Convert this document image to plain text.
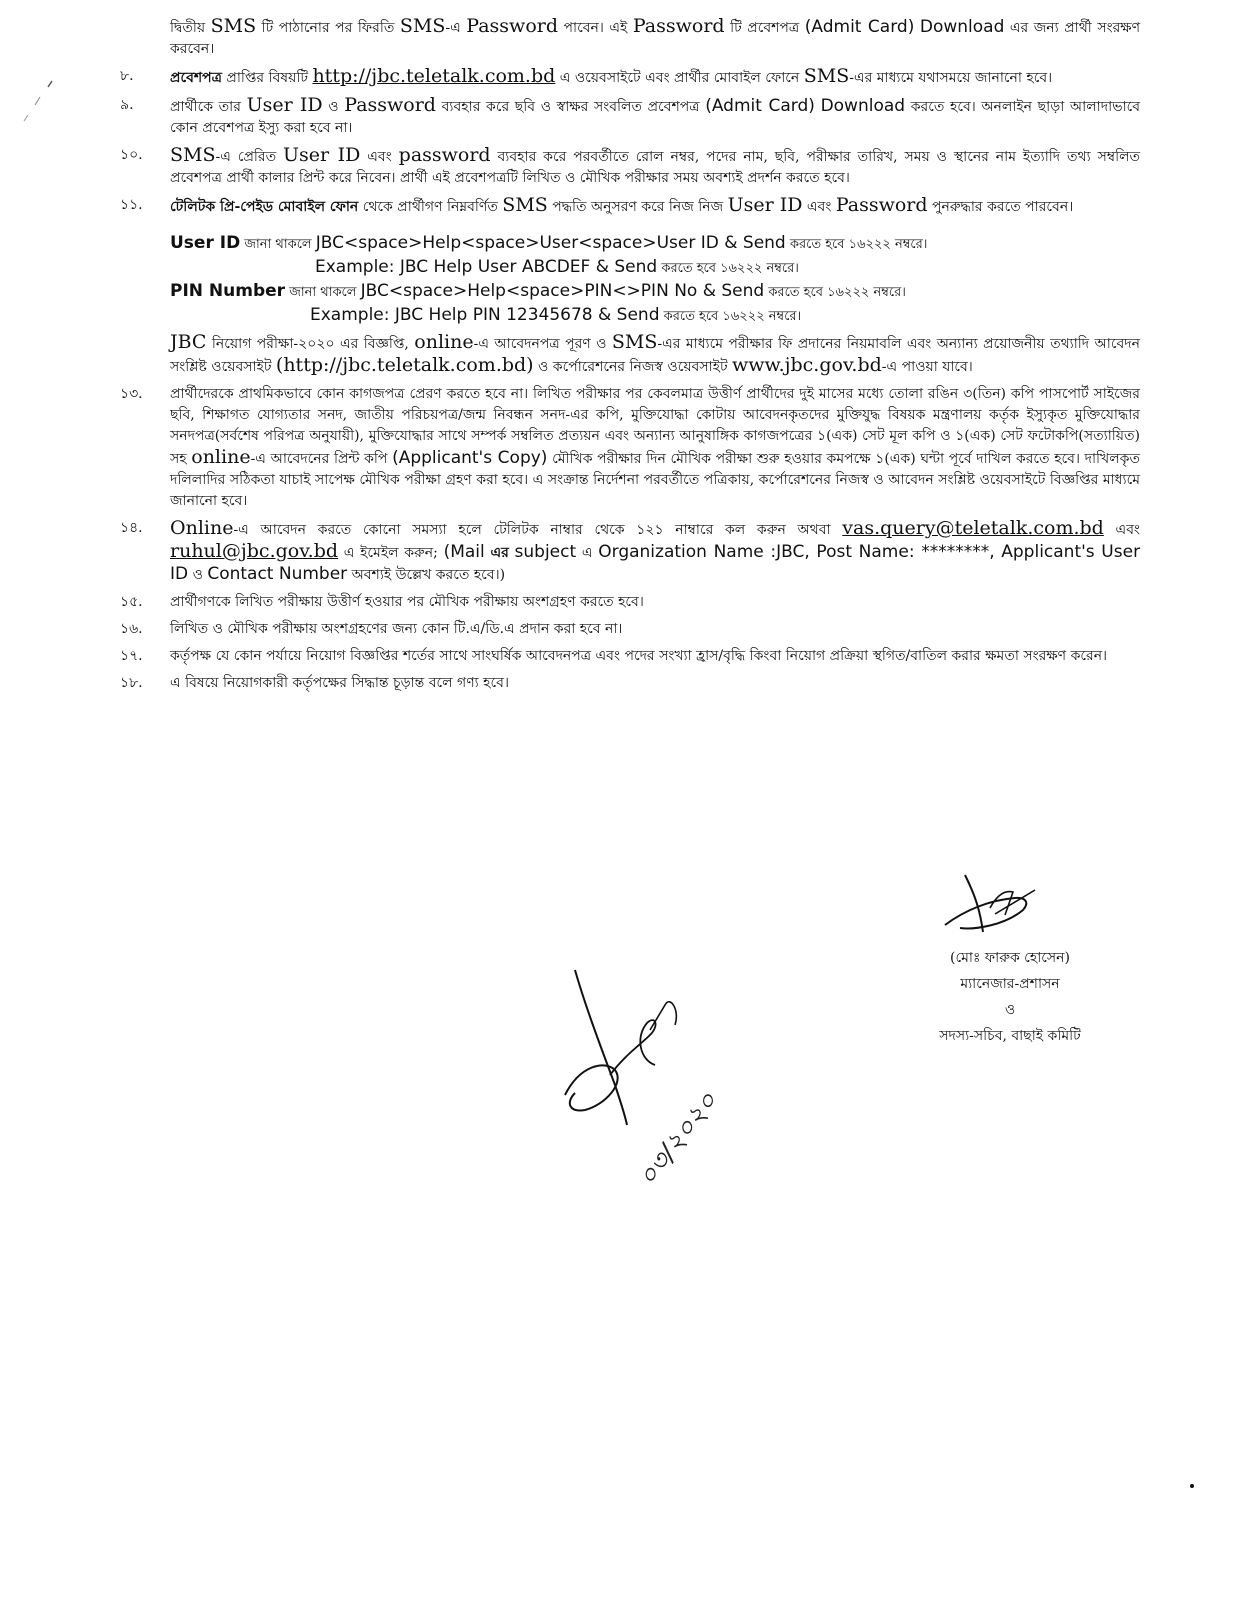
দ্বিতীয় SMS টি পাঠানোর পর ফিরতি SMS-এ Password পাবেন। এই Password টি প্রবেশপত্র (Admit Card) Download এর জন্য প্রার্থী সংরক্ষণ করবেন।
৮.	প্রবেশপত্র প্রাপ্তির বিষয়টি http://jbc.teletalk.com.bd এ ওয়েবসাইটে এবং প্রার্থীর মোবাইল ফোনে SMS-এর মাধ্যমে যথাসময়ে জানানো হবে।
৯.	প্রার্থীকে তার User ID ও Password ব্যবহার করে ছবি ও স্বাক্ষর সংবলিত প্রবেশপত্র (Admit Card) Download করতে হবে। অনলাইন ছাড়া আলাদাভাবে কোন প্রবেশপত্র ইস্যু করা হবে না।
১০.	SMS-এ প্রেরিত User ID এবং password ব্যবহার করে পরবর্তীতে রোল নম্বর, পদের নাম, ছবি, পরীক্ষার তারিখ, সময় ও স্থানের নাম ইত্যাদি তথ্য সম্বলিত প্রবেশপত্র প্রার্থী কালার প্রিন্ট করে নিবেন। প্রার্থী এই প্রবেশপত্রটি লিখিত ও মৌখিক পরীক্ষার সময় অবশ্যই প্রদর্শন করতে হবে।
১১.	টেলিটক প্রি-পেইড মোবাইল ফোন থেকে প্রার্থীগণ নিম্নবর্ণিত SMS পদ্ধতি অনুসরণ করে নিজ নিজ User ID এবং Password পুনরুদ্ধার করতে পারবেন।
User ID জানা থাকলে JBC<space>Help<space>User<space>User ID & Send করতে হবে ১৬২২২ নম্বরে।
Example: JBC Help User ABCDEF & Send করতে হবে ১৬২২২ নম্বরে।
PIN Number জানা থাকলে JBC<space>Help<space>PIN<>PIN No & Send করতে হবে ১৬২২২ নম্বরে।
Example: JBC Help PIN 12345678 & Send করতে হবে ১৬২২২ নম্বরে।
JBC নিয়োগ পরীক্ষা-২০২০ এর বিজ্ঞপ্তি, online-এ আবেদনপত্র পূরণ ও SMS-এর মাধ্যমে পরীক্ষার ফি প্রদানের নিয়মাবলি এবং অন্যান্য প্রয়োজনীয় তথ্যাদি আবেদন সংশ্লিষ্ট ওয়েবসাইট (http://jbc.teletalk.com.bd) ও কর্পোরেশনের নিজস্ব ওয়েবসাইট www.jbc.gov.bd-এ পাওয়া যাবে।
১৩.	প্রার্থীদেরকে প্রাথমিকভাবে কোন কাগজপত্র প্রেরণ করতে হবে না। লিখিত পরীক্ষার পর কেবলমাত্র উত্তীর্ণ প্রার্থীদের দুই মাসের মধ্যে তোলা রঙিন ৩(তিন) কপি পাসপোর্ট সাইজের ছবি, শিক্ষাগত যোগ্যতার সনদ, জাতীয় পরিচয়পত্র/জন্ম নিবন্ধন সনদ-এর কপি, মুক্তিযোদ্ধা কোটায় আবেদনকৃতদের মুক্তিযুদ্ধ বিষয়ক মন্ত্রণালয় কর্তৃক ইস্যুকৃত মুক্তিযোদ্ধার সনদপত্র(সর্বশেষ পরিপত্র অনুযায়ী), মুক্তিযোদ্ধার সাথে সম্পর্ক সম্বলিত প্রত্যয়ন এবং অন্যান্য আনুষাঙ্গিক কাগজপত্রের ১(এক) সেট মূল কপি ও ১(এক) সেট ফটোকপি(সত্যায়িত) সহ online-এ আবেদনের প্রিন্ট কপি (Applicant's Copy) মৌখিক পরীক্ষার দিন মৌখিক পরীক্ষা শুরু হওয়ার কমপক্ষে ১(এক) ঘন্টা পূর্বে দাখিল করতে হবে। দাখিলকৃত দলিলাদির সঠিকতা যাচাই সাপেক্ষ মৌখিক পরীক্ষা গ্রহণ করা হবে। এ সংক্রান্ত নির্দেশনা পরবর্তীতে পত্রিকায়, কর্পোরেশনের নিজস্ব ও আবেদন সংশ্লিষ্ট ওয়েবসাইটে বিজ্ঞপ্তির মাধ্যমে জানানো হবে।
১৪.	Online-এ আবেদন করতে কোনো সমস্যা হলে টেলিটক নাম্বার থেকে ১২১ নাম্বারে কল করুন অথবা vas.query@teletalk.com.bd এবং ruhul@jbc.gov.bd এ ইমেইল করুন; (Mail এর subject এ Organization Name :JBC, Post Name: ********, Applicant's User ID ও Contact Number অবশ্যই উল্লেখ করতে হবে।)
১৫.	প্রার্থীগণকে লিখিত পরীক্ষায় উত্তীর্ণ হওয়ার পর মৌখিক পরীক্ষায় অংশগ্রহণ করতে হবে।
১৬.	লিখিত ও মৌখিক পরীক্ষায় অংশগ্রহণের জন্য কোন টি.এ/ডি.এ প্রদান করা হবে না।
১৭.	কর্তৃপক্ষ যে কোন পর্যায়ে নিয়োগ বিজ্ঞপ্তির শর্তের সাথে সাংঘর্ষিক আবেদনপত্র এবং পদের সংখ্যা হ্রাস/বৃদ্ধি কিংবা নিয়োগ প্রক্রিয়া স্থগিত/বাতিল করার ক্ষমতা সংরক্ষণ করেন।
১৮.	এ বিষয়ে নিয়োগকারী কর্তৃপক্ষের সিদ্ধান্ত চূড়ান্ত বলে গণ্য হবে।
(মোঃ ফারুক হোসেন)
ম্যানেজার-প্রশাসন
ও
সদস্য-সচিব, বাছাই কমিটি
০৩/২০২০
